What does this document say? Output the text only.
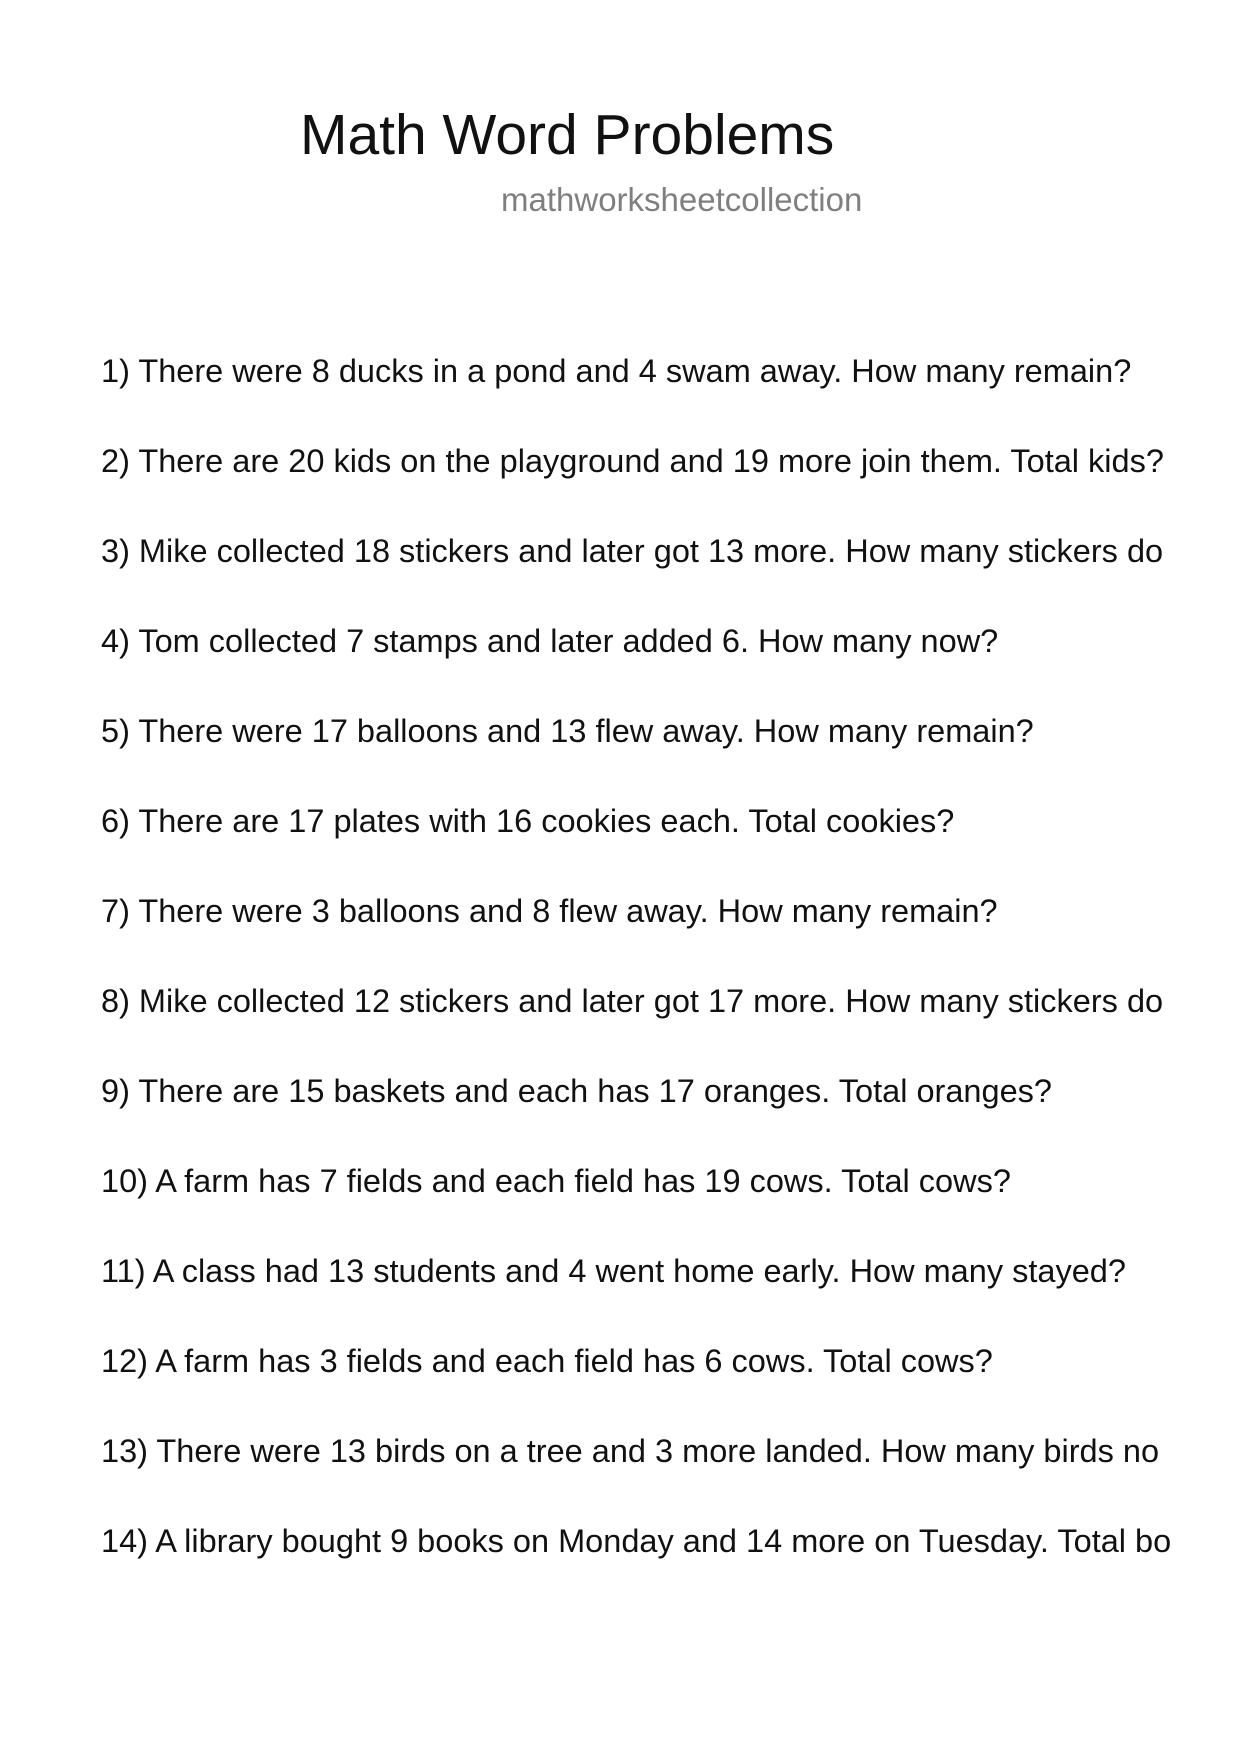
Math Word Problems
mathworksheetcollection
1) There were 8 ducks in a pond and 4 swam away. How many remain?
2) There are 20 kids on the playground and 19 more join them. Total kids?
3) Mike collected 18 stickers and later got 13 more. How many stickers do
4) Tom collected 7 stamps and later added 6. How many now?
5) There were 17 balloons and 13 flew away. How many remain?
6) There are 17 plates with 16 cookies each. Total cookies?
7) There were 3 balloons and 8 flew away. How many remain?
8) Mike collected 12 stickers and later got 17 more. How many stickers do
9) There are 15 baskets and each has 17 oranges. Total oranges?
10) A farm has 7 fields and each field has 19 cows. Total cows?
11) A class had 13 students and 4 went home early. How many stayed?
12) A farm has 3 fields and each field has 6 cows. Total cows?
13) There were 13 birds on a tree and 3 more landed. How many birds no
14) A library bought 9 books on Monday and 14 more on Tuesday. Total bo
